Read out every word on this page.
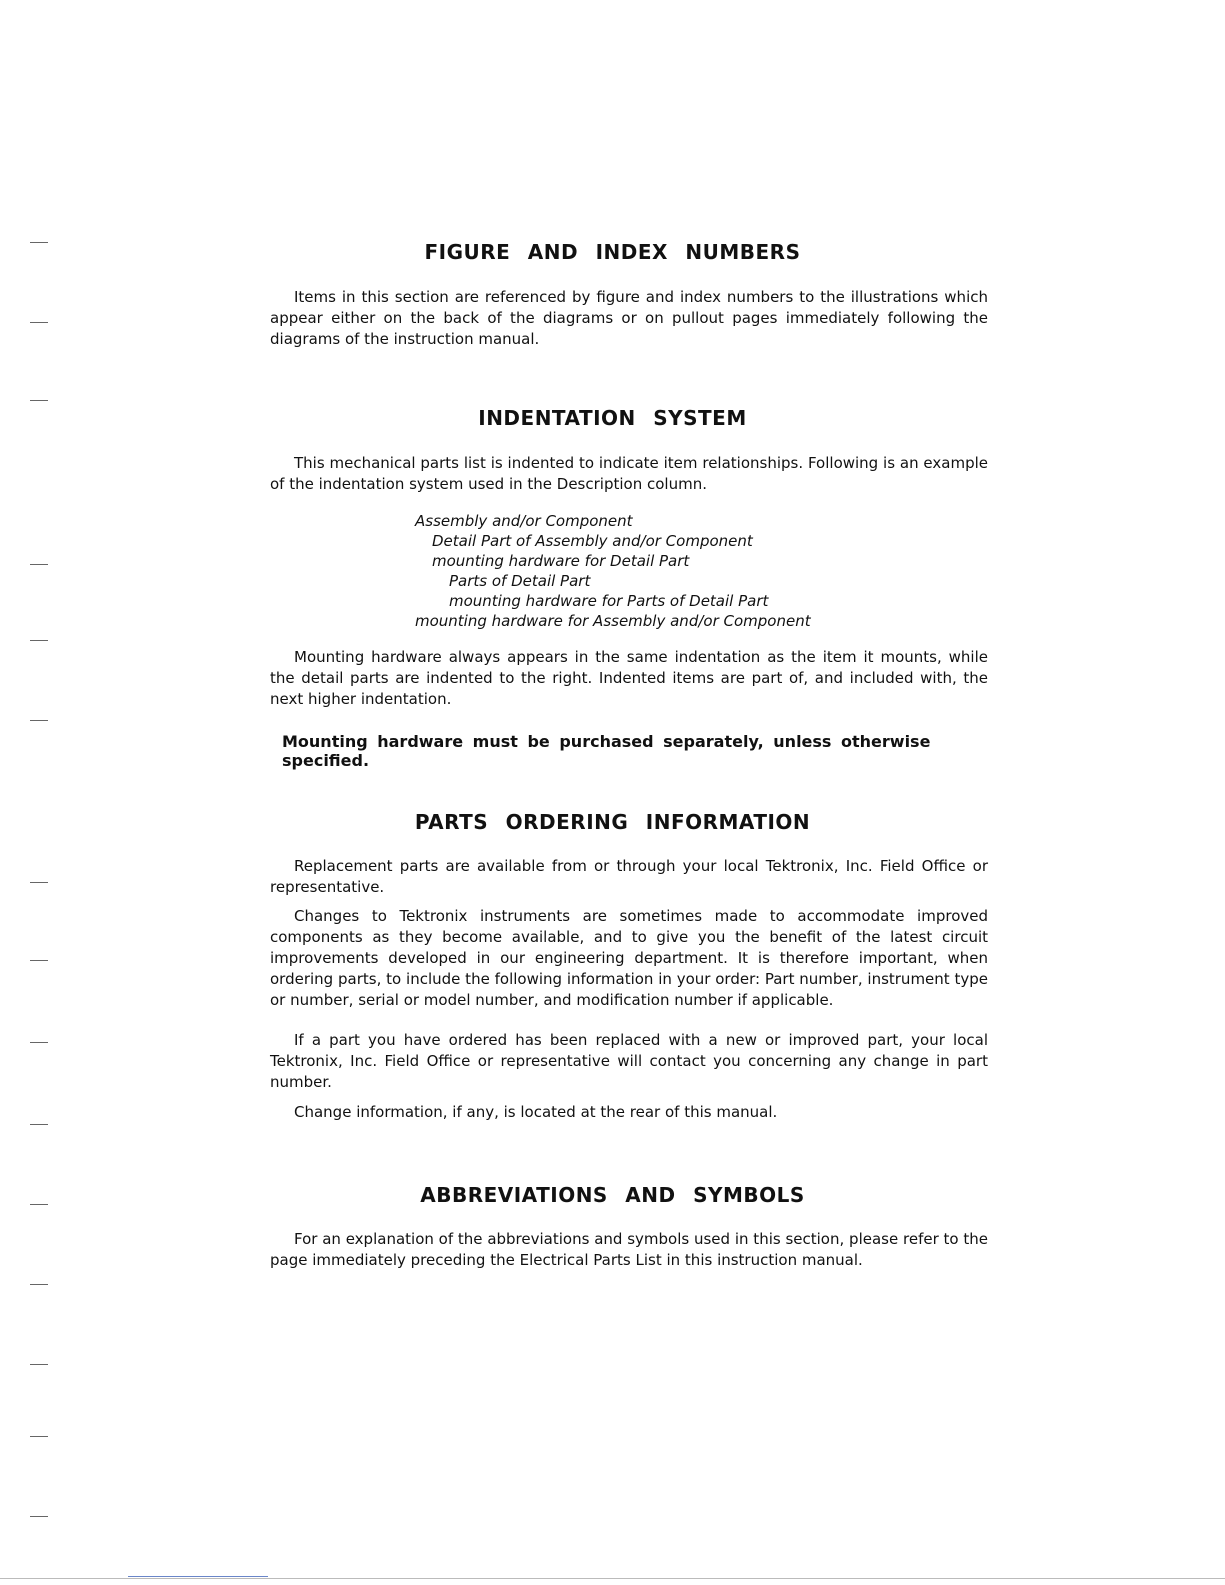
FIGURE AND INDEX NUMBERS

Items in this section are referenced by figure and index numbers to the illustrations which appear either on the back of the diagrams or on pullout pages immediately following the diagrams of the instruction manual.

INDENTATION SYSTEM

This mechanical parts list is indented to indicate item relationships. Following is an example of the indentation system used in the Description column.

Assembly and/or Component
Detail Part of Assembly and/or Component
mounting hardware for Detail Part
Parts of Detail Part
mounting hardware for Parts of Detail Part
mounting hardware for Assembly and/or Component

Mounting hardware always appears in the same indentation as the item it mounts, while the detail parts are indented to the right. Indented items are part of, and included with, the next higher indentation.

Mounting hardware must be purchased separately, unless otherwise specified.

PARTS ORDERING INFORMATION

Replacement parts are available from or through your local Tektronix, Inc. Field Office or representative.

Changes to Tektronix instruments are sometimes made to accommodate improved components as they become available, and to give you the benefit of the latest circuit improvements developed in our engineering department. It is therefore important, when ordering parts, to include the following information in your order: Part number, instrument type or number, serial or model number, and modification number if applicable.

If a part you have ordered has been replaced with a new or improved part, your local Tektronix, Inc. Field Office or representative will contact you concerning any change in part number.

Change information, if any, is located at the rear of this manual.

ABBREVIATIONS AND SYMBOLS

For an explanation of the abbreviations and symbols used in this section, please refer to the page immediately preceding the Electrical Parts List in this instruction manual.
